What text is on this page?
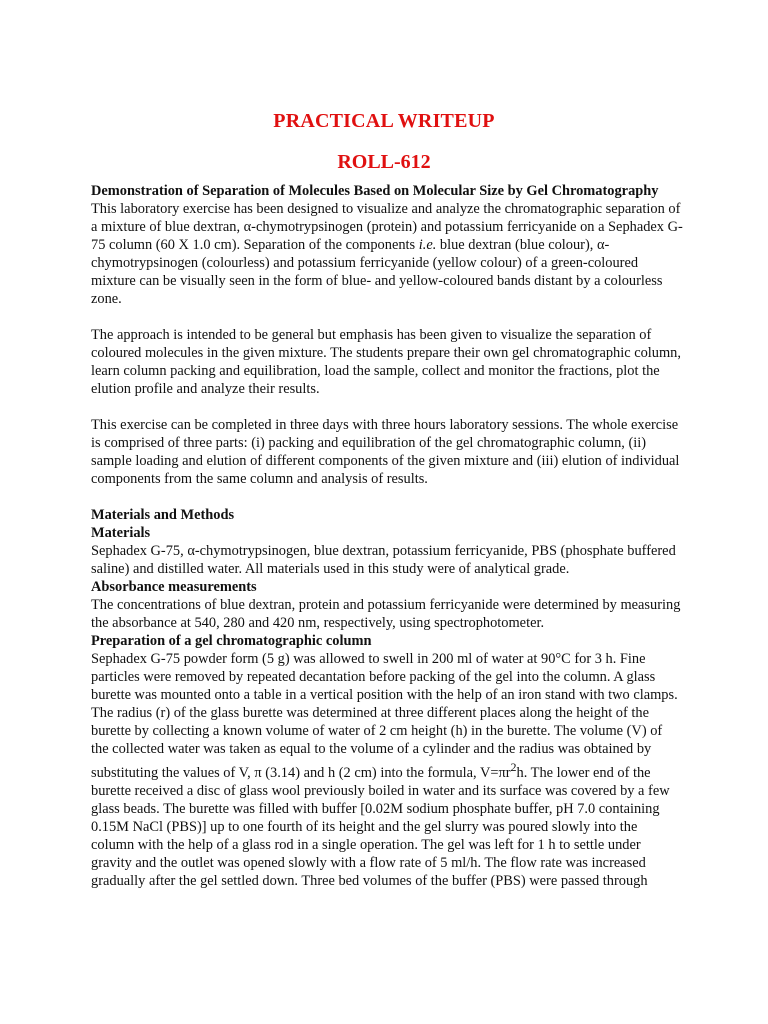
PRACTICAL WRITEUP
ROLL-612
Demonstration of Separation of Molecules Based on Molecular Size by Gel Chromatography

This laboratory exercise has been designed to visualize and analyze the chromatographic separation of a mixture of blue dextran, α-chymotrypsinogen (protein) and potassium ferricyanide on a Sephadex G-75 column (60 X 1.0 cm). Separation of the components i.e. blue dextran (blue colour), α-chymotrypsinogen (colourless) and potassium ferricyanide (yellow colour) of a green-coloured mixture can be visually seen in the form of blue- and yellow-coloured bands distant by a colourless zone.

The approach is intended to be general but emphasis has been given to visualize the separation of coloured molecules in the given mixture. The students prepare their own gel chromatographic column, learn column packing and equilibration, load the sample, collect and monitor the fractions, plot the elution profile and analyze their results.

This exercise can be completed in three days with three hours laboratory sessions. The whole exercise is comprised of three parts: (i) packing and equilibration of the gel chromatographic column, (ii) sample loading and elution of different components of the given mixture and (iii) elution of individual components from the same column and analysis of results.

Materials and Methods
Materials

Sephadex G-75, α-chymotrypsinogen, blue dextran, potassium ferricyanide, PBS (phosphate buffered saline) and distilled water. All materials used in this study were of analytical grade.

Absorbance measurements

The concentrations of blue dextran, protein and potassium ferricyanide were determined by measuring the absorbance at 540, 280 and 420 nm, respectively, using spectrophotometer.

Preparation of a gel chromatographic column

Sephadex G-75 powder form (5 g) was allowed to swell in 200 ml of water at 90°C for 3 h. Fine particles were removed by repeated decantation before packing of the gel into the column. A glass burette was mounted onto a table in a vertical position with the help of an iron stand with two clamps. The radius (r) of the glass burette was determined at three different places along the height of the burette by collecting a known volume of water of 2 cm height (h) in the burette. The volume (V) of the collected water was taken as equal to the volume of a cylinder and the radius was obtained by substituting the values of V, π (3.14) and h (2 cm) into the formula, $V=\pi r^2h$. The lower end of the burette received a disc of glass wool previously boiled in water and its surface was covered by a few glass beads. The burette was filled with buffer [0.02M sodium phosphate buffer, pH 7.0 containing

0.15M NaCl (PBS)] up to one fourth of its height and the gel slurry was poured slowly into the column with the help of a glass rod in a single operation. The gel was left for 1 h to settle under gravity and the outlet was opened slowly with a flow rate of 5 ml/h. The flow rate was increased gradually after the gel settled down. Three bed volumes of the buffer (PBS) were passed through
